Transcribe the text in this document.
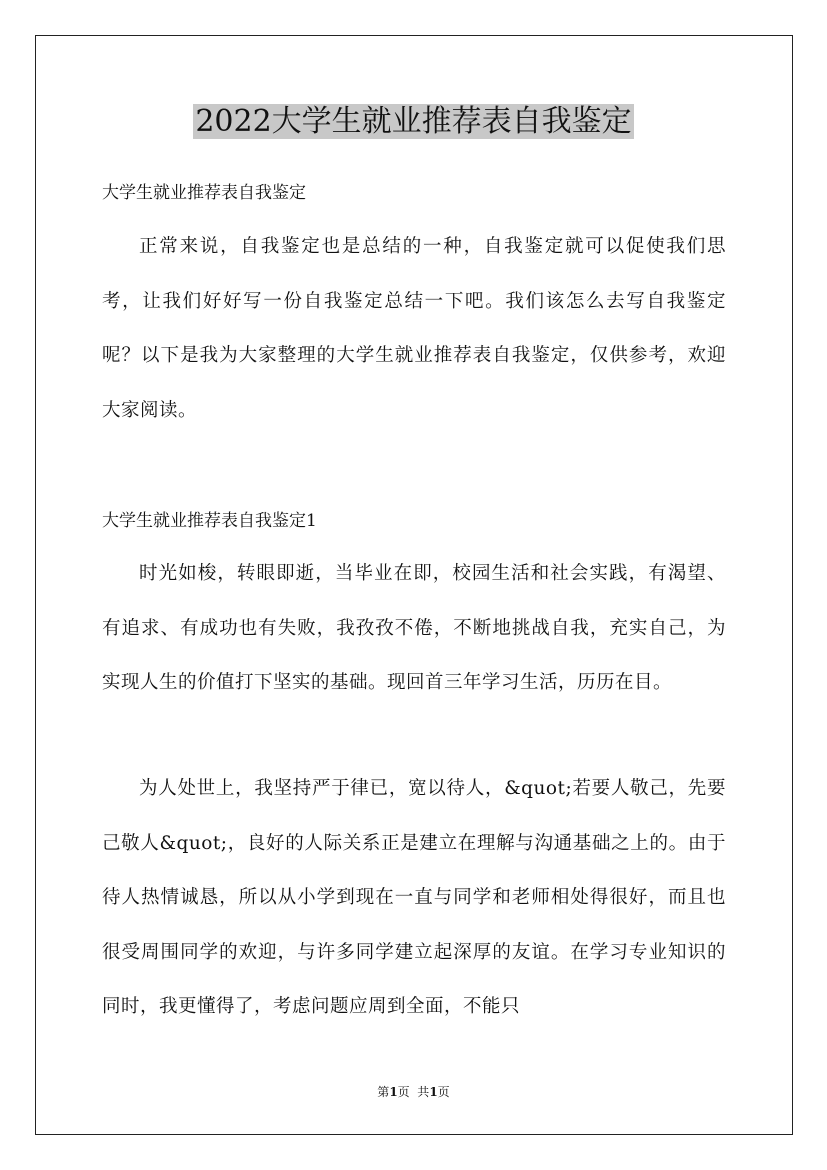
2022大学生就业推荐表自我鉴定
大学生就业推荐表自我鉴定
正常来说，自我鉴定也是总结的一种，自我鉴定就可以促使我们思考，让我们好好写一份自我鉴定总结一下吧。我们该怎么去写自我鉴定呢？以下是我为大家整理的大学生就业推荐表自我鉴定，仅供参考，欢迎大家阅读。
大学生就业推荐表自我鉴定1
时光如梭，转眼即逝，当毕业在即，校园生活和社会实践，有渴望、有追求、有成功也有失败，我孜孜不倦，不断地挑战自我，充实自己，为实现人生的价值打下坚实的基础。现回首三年学习生活，历历在目。
为人处世上，我坚持严于律已，宽以待人，&quot;若要人敬己，先要己敬人&quot;，良好的人际关系正是建立在理解与沟通基础之上的。由于待人热情诚恳，所以从小学到现在一直与同学和老师相处得很好，而且也很受周围同学的欢迎，与许多同学建立起深厚的友谊。在学习专业知识的同时，我更懂得了，考虑问题应周到全面，不能只
第1页  共1页
